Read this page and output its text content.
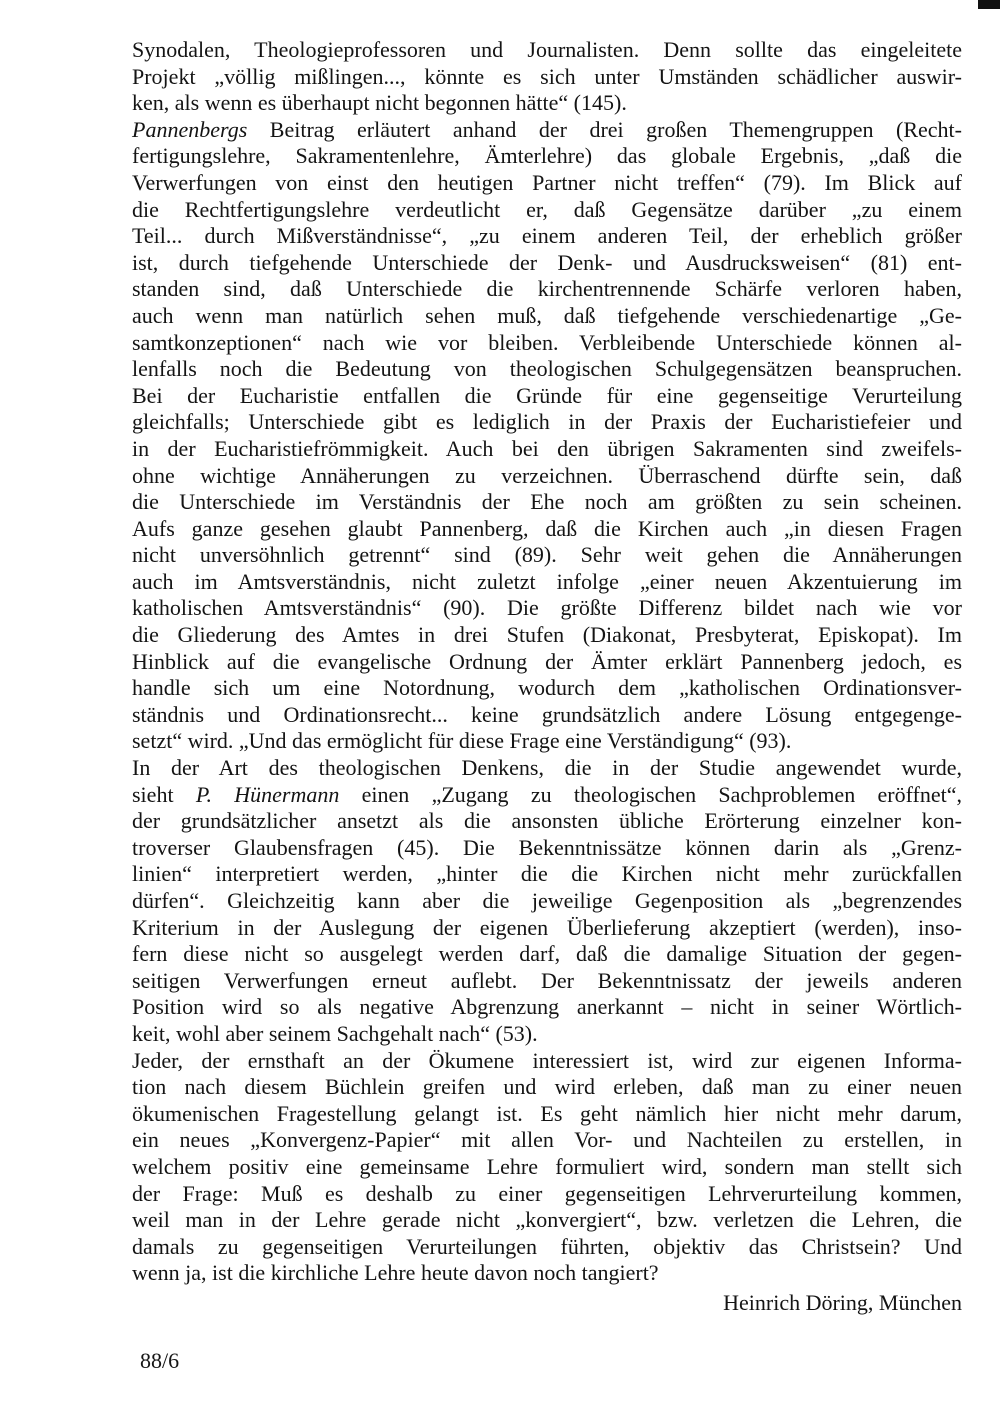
Synodalen, Theologieprofessoren und Journalisten. Denn sollte das eingeleitete
Projekt „völlig mißlingen..., könnte es sich unter Umständen schädlicher auswir-
ken, als wenn es überhaupt nicht begonnen hätte“ (145).
Pannenbergs Beitrag erläutert anhand der drei großen Themengruppen (Recht-
fertigungslehre, Sakramentenlehre, Ämterlehre) das globale Ergebnis, „daß die
Verwerfungen von einst den heutigen Partner nicht treffen“ (79). Im Blick auf
die Rechtfertigungslehre verdeutlicht er, daß Gegensätze darüber „zu einem
Teil... durch Mißverständnisse“, „zu einem anderen Teil, der erheblich größer
ist, durch tiefgehende Unterschiede der Denk- und Ausdrucksweisen“ (81) ent-
standen sind, daß Unterschiede die kirchentrennende Schärfe verloren haben,
auch wenn man natürlich sehen muß, daß tiefgehende verschiedenartige „Ge-
samtkonzeptionen“ nach wie vor bleiben. Verbleibende Unterschiede können al-
lenfalls noch die Bedeutung von theologischen Schulgegensätzen beanspruchen.
Bei der Eucharistie entfallen die Gründe für eine gegenseitige Verurteilung
gleichfalls; Unterschiede gibt es lediglich in der Praxis der Eucharistiefeier und
in der Eucharistiefrömmigkeit. Auch bei den übrigen Sakramenten sind zweifels-
ohne wichtige Annäherungen zu verzeichnen. Überraschend dürfte sein, daß
die Unterschiede im Verständnis der Ehe noch am größten zu sein scheinen.
Aufs ganze gesehen glaubt Pannenberg, daß die Kirchen auch „in diesen Fragen
nicht unversöhnlich getrennt“ sind (89). Sehr weit gehen die Annäherungen
auch im Amtsverständnis, nicht zuletzt infolge „einer neuen Akzentuierung im
katholischen Amtsverständnis“ (90). Die größte Differenz bildet nach wie vor
die Gliederung des Amtes in drei Stufen (Diakonat, Presbyterat, Episkopat). Im
Hinblick auf die evangelische Ordnung der Ämter erklärt Pannenberg jedoch, es
handle sich um eine Notordnung, wodurch dem „katholischen Ordinationsver-
ständnis und Ordinationsrecht... keine grundsätzlich andere Lösung entgegenge-
setzt“ wird. „Und das ermöglicht für diese Frage eine Verständigung“ (93).
In der Art des theologischen Denkens, die in der Studie angewendet wurde,
sieht P. Hünermann einen „Zugang zu theologischen Sachproblemen eröffnet“,
der grundsätzlicher ansetzt als die ansonsten übliche Erörterung einzelner kon-
troverser Glaubensfragen (45). Die Bekenntnissätze können darin als „Grenz-
linien“ interpretiert werden, „hinter die die Kirchen nicht mehr zurückfallen
dürfen“. Gleichzeitig kann aber die jeweilige Gegenposition als „begrenzendes
Kriterium in der Auslegung der eigenen Überlieferung akzeptiert (werden), inso-
fern diese nicht so ausgelegt werden darf, daß die damalige Situation der gegen-
seitigen Verwerfungen erneut auflebt. Der Bekenntnissatz der jeweils anderen
Position wird so als negative Abgrenzung anerkannt – nicht in seiner Wörtlich-
keit, wohl aber seinem Sachgehalt nach“ (53).
Jeder, der ernsthaft an der Ökumene interessiert ist, wird zur eigenen Informa-
tion nach diesem Büchlein greifen und wird erleben, daß man zu einer neuen
ökumenischen Fragestellung gelangt ist. Es geht nämlich hier nicht mehr darum,
ein neues „Konvergenz-Papier“ mit allen Vor- und Nachteilen zu erstellen, in
welchem positiv eine gemeinsame Lehre formuliert wird, sondern man stellt sich
der Frage: Muß es deshalb zu einer gegenseitigen Lehrverurteilung kommen,
weil man in der Lehre gerade nicht „konvergiert“, bzw. verletzen die Lehren, die
damals zu gegenseitigen Verurteilungen führten, objektiv das Christsein? Und
wenn ja, ist die kirchliche Lehre heute davon noch tangiert?
Heinrich Döring, München
88/6
